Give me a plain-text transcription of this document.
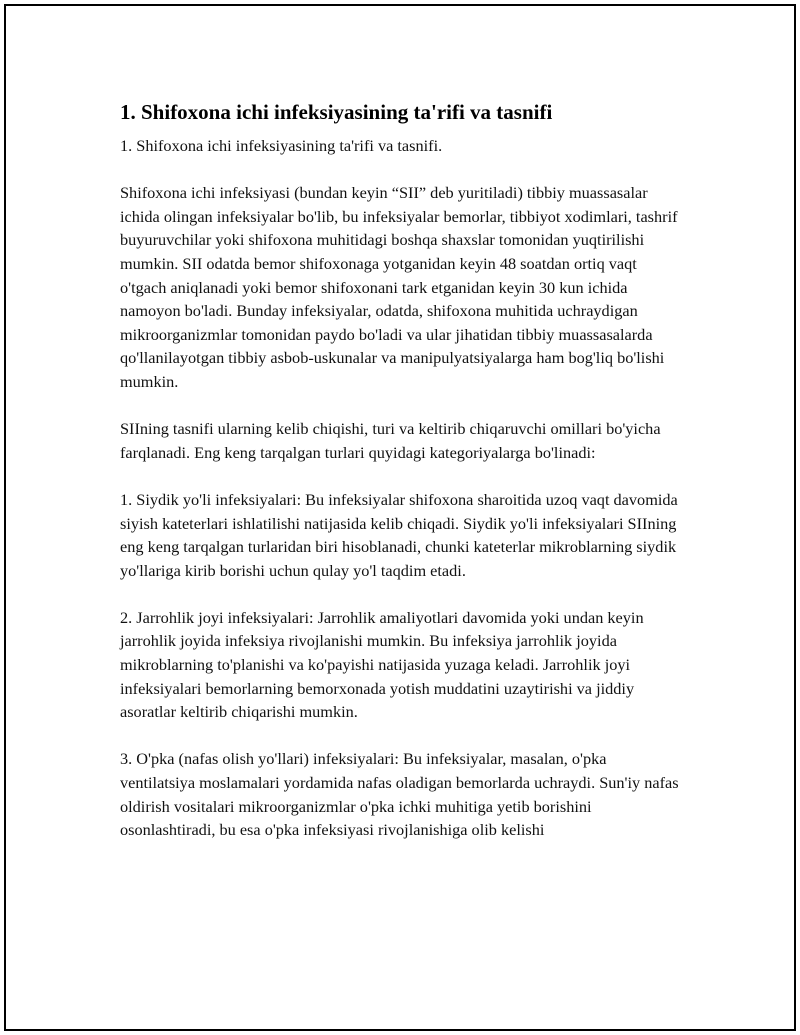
1. Shifoxona ichi infeksiyasining ta'rifi va tasnifi

1. Shifoxona ichi infeksiyasining ta'rifi va tasnifi.

Shifoxona ichi infeksiyasi (bundan keyin “SII” deb yuritiladi) tibbiy muassasalar ichida olingan infeksiyalar bo'lib, bu infeksiyalar bemorlar, tibbiyot xodimlari, tashrif buyuruvchilar yoki shifoxona muhitidagi boshqa shaxslar tomonidan yuqtirilishi mumkin. SII odatda bemor shifoxonaga yotganidan keyin 48 soatdan ortiq vaqt o'tgach aniqlanadi yoki bemor shifoxonani tark etganidan keyin 30 kun ichida namoyon bo'ladi. Bunday infeksiyalar, odatda, shifoxona muhitida uchraydigan mikroorganizmlar tomonidan paydo bo'ladi va ular jihatidan tibbiy muassasalarda qo'llanilayotgan tibbiy asbob-uskunalar va manipulyatsiyalarga ham bog'liq bo'lishi mumkin.

SIIning tasnifi ularning kelib chiqishi, turi va keltirib chiqaruvchi omillari bo'yicha farqlanadi. Eng keng tarqalgan turlari quyidagi kategoriyalarga bo'linadi:

1. Siydik yo'li infeksiyalari: Bu infeksiyalar shifoxona sharoitida uzoq vaqt davomida siyish kateterlari ishlatilishi natijasida kelib chiqadi. Siydik yo'li infeksiyalari SIIning eng keng tarqalgan turlaridan biri hisoblanadi, chunki kateterlar mikroblarning siydik yo'llariga kirib borishi uchun qulay yo'l taqdim etadi.

2. Jarrohlik joyi infeksiyalari: Jarrohlik amaliyotlari davomida yoki undan keyin jarrohlik joyida infeksiya rivojlanishi mumkin. Bu infeksiya jarrohlik joyida mikroblarning to'planishi va ko'payishi natijasida yuzaga keladi. Jarrohlik joyi infeksiyalari bemorlarning bemorxonada yotish muddatini uzaytirishi va jiddiy asoratlar keltirib chiqarishi mumkin.

3. O'pka (nafas olish yo'llari) infeksiyalari: Bu infeksiyalar, masalan, o'pka ventilatsiya moslamalari yordamida nafas oladigan bemorlarda uchraydi. Sun'iy nafas oldirish vositalari mikroorganizmlar o'pka ichki muhitiga yetib borishini osonlashtiradi, bu esa o'pka infeksiyasi rivojlanishiga olib kelishi
